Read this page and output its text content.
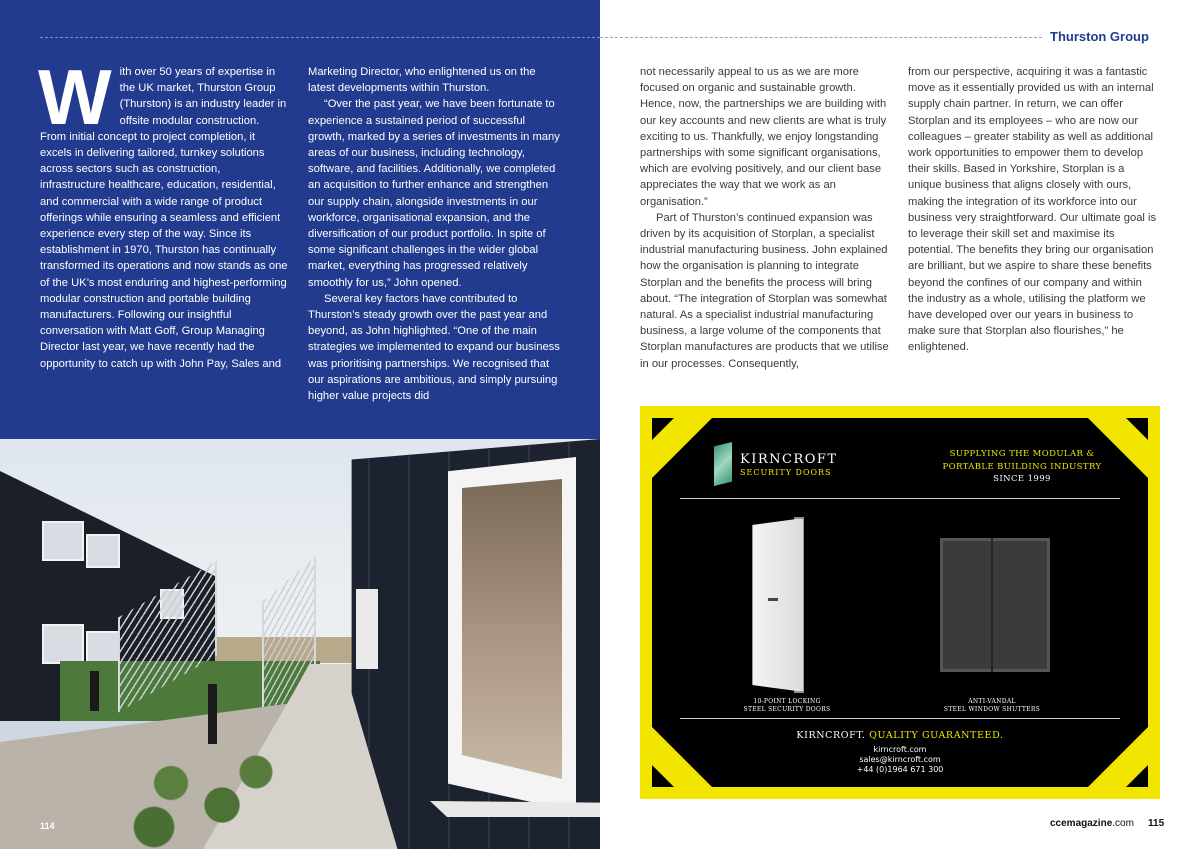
W ith over 50 years of expertise in the UK market, Thurston Group (Thurston) is an industry leader in offsite modular construction. From initial concept to project completion, it excels in delivering tailored, turnkey solutions across sectors such as construction, infrastructure healthcare, education, residential, and commercial with a wide range of product offerings while ensuring a seamless and efficient experience every step of the way. Since its establishment in 1970, Thurston has continually transformed its operations and now stands as one of the UK’s most enduring and highest-performing modular construction and portable building manufacturers. Following our insightful conversation with Matt Goff, Group Managing Director last year, we have recently had the opportunity to catch up with John Pay, Sales and

Marketing Director, who enlightened us on the latest developments within Thurston.

“Over the past year, we have been fortunate to experience a sustained period of successful growth, marked by a series of investments in many areas of our business, including technology, software, and facilities. Additionally, we completed an acquisition to further enhance and strengthen our supply chain, alongside investments in our workforce, organisational expansion, and the diversification of our product portfolio. In spite of some significant challenges in the wider global market, everything has progressed relatively smoothly for us,” John opened.

Several key factors have contributed to Thurston’s steady growth over the past year and beyond, as John highlighted. “One of the main strategies we implemented to expand our business was prioritising partnerships. We recognised that our aspirations are ambitious, and simply pursuing higher value projects did

114
Thurston Group

not necessarily appeal to us as we are more focused on organic and sustainable growth. Hence, now, the partnerships we are building with our key accounts and new clients are what is truly exciting to us. Thankfully, we enjoy longstanding partnerships with some significant organisations, which are evolving positively, and our client base appreciates the way that we work as an organisation.”

Part of Thurston’s continued expansion was driven by its acquisition of Storplan, a specialist industrial manufacturing business. John explained how the organisation is planning to integrate Storplan and the benefits the process will bring about. “The integration of Storplan was somewhat natural. As a specialist industrial manufacturing business, a large volume of the components that Storplan manufactures are products that we utilise in our processes. Consequently,

from our perspective, acquiring it was a fantastic move as it essentially provided us with an internal supply chain partner. In return, we can offer Storplan and its employees – who are now our colleagues – greater stability as well as additional work opportunities to empower them to develop their skills. Based in Yorkshire, Storplan is a unique business that aligns closely with ours, making the integration of its workforce into our business very straightforward. Our ultimate goal is to leverage their skill set and maximise its potential. The benefits they bring our organisation are brilliant, but we aspire to share these benefits beyond the confines of our company and within the industry as a whole, utilising the platform we have developed over our years in business to make sure that Storplan also flourishes,” he enlightened.

KIRNCROFT
SECURITY DOORS
SUPPLYING THE MODULAR &
PORTABLE BUILDING INDUSTRY
SINCE 1999
10-POINT LOCKING
STEEL SECURITY DOORS
ANTI-VANDAL
STEEL WINDOW SHUTTERS
KIRNCROFT. QUALITY GUARANTEED.
kirncroft.com
sales@kirncroft.com
+44 (0)1964 671 300
ccemagazine.com 115
